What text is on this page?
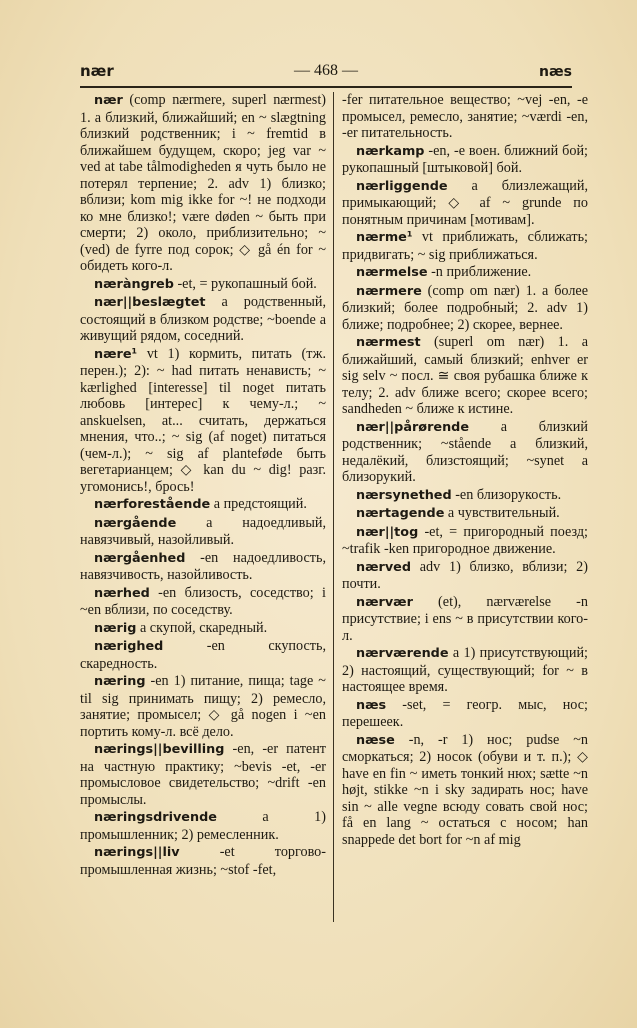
nær	— 468 —	næs

nær (comp nærmere, superl nærmest) 1. a близкий, ближайший; en ~ slægtning близкий родственник; i ~ fremtid в ближайшем будущем, скоро; jeg var ~ ved at tabe tålmodigheden я чуть было не потерял терпение; 2. adv 1) близко; вблизи; kom mig ikke for ~! не подходи ко мне близко!; være døden ~ быть при смерти; 2) около, приблизительно; ~ (ved) de fyrre под сорок; ◇ gå én for ~ обидеть кого-л.

næràngreb -et, = рукопашный бой.

nær||beslægtet a родственный, состоящий в близком родстве; ~boende a живущий рядом, соседний.

nære¹ vt 1) кормить, питать (тж. перен.); 2): ~ had питать ненависть; ~ kærlighed [interesse] til noget питать любовь [интерес] к чему-л.; ~ anskuelsen, at... считать, держаться мнения, что..; ~ sig (af noget) питаться (чем-л.); ~ sig af plantеføde быть вегетарианцем; ◇ kan du ~ dig! разг. угомонись!, брось!

nærforestående a предстоящий.

nærgående a надоедливый, навязчивый, назойливый.

nærgåenhed -en надоедливость, навязчивость, назойливость.

nærhed -en близость, соседство; i ~en вблизи, по соседству.

nærig a скупой, скаредный.

nærighed -en скупость, скаредность.

næring -en 1) питание, пища; tage ~ til sig принимать пищу; 2) ремесло, занятие; промысел; ◇ gå nogen i ~en портить кому-л. всё дело.

nærings||bevilling -en, -er патент на частную практику; ~bevis -et, -er промысловое свидетельство; ~drift -en промыслы.

næringsdrivende a 1) промышленник; 2) ремесленник.

nærings||liv -et торгово-промышленная жизнь; ~stof -fet,

-fer питательное вещество; ~vej -en, -e промысел, ремесло, занятие; ~værdi -en, -er питательность.

nærkamp -en, -e воен. ближний бой; рукопашный [штыковой] бой.

nærliggende a близлежащий, примыкающий; ◇ af ~ grunde по понятным причинам [мотивам].

nærme¹ vt приближать, сближать; придвигать; ~ sig приближаться.

nærmelse -n приближение.

nærmere (comp om nær) 1. a более близкий; более подробный; 2. adv 1) ближе; подробнее; 2) скорее, вернее.

nærmest (superl om nær) 1. a ближайший, самый близкий; enhver er sig selv ~ посл. ≅ своя рубашка ближе к телу; 2. adv ближе всего; скорее всего; sandheden ~ ближе к истине.

nær||pårørende a близкий родственник; ~stående a близкий, недалёкий, близстоящий; ~synet a близорукий.

nærsynethed -en близорукость.

nærtagende a чувствительный.

nær||tog -et, = пригородный поезд; ~trafik -ken пригородное движение.

nærved adv 1) близко, вблизи; 2) почти.

nærvær (et), nærværelse -n присутствие; i ens ~ в присутствии кого-л.

nærværende a 1) присутствующий; 2) настоящий, существующий; for ~ в настоящее время.

næs -set, = геогр. мыс, нос; перешеек.

næse -n, -r 1) нос; pudse ~n сморкаться; 2) носок (обуви и т. п.); ◇ have en fin ~ иметь тонкий нюх; sætte ~n højt, stikke ~n i sky задирать нос; have sin ~ alle vegne всюду совать свой нос; få en lang ~ остаться с носом; han snappede det bort for ~n af mig
